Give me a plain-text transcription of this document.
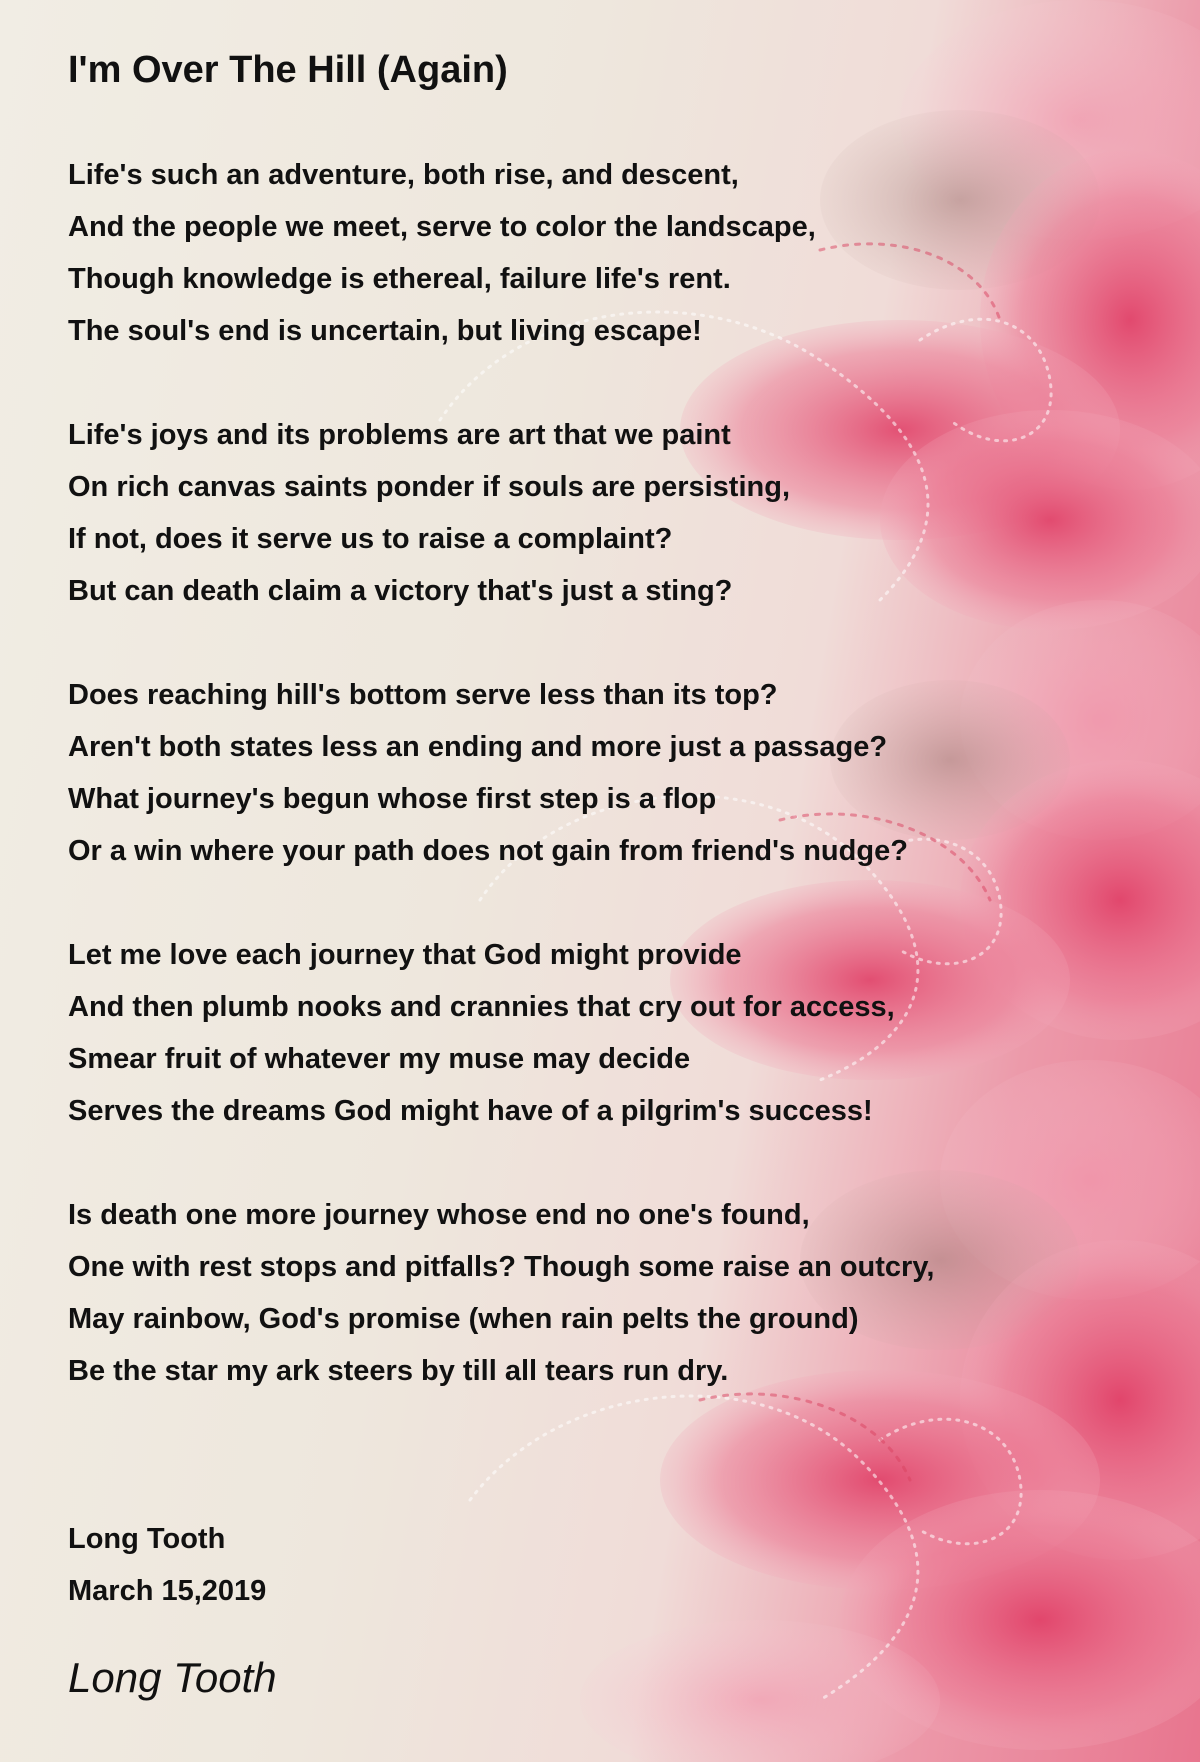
I'm Over The Hill (Again)
Life's such an adventure, both rise, and descent,
And the people we meet, serve to color the landscape,
Though knowledge is ethereal, failure life's rent.
The soul's end is uncertain, but living escape!
Life's joys and its problems are art that we paint
On rich canvas saints ponder if souls are persisting,
If not, does it serve us to raise a complaint?
But can death claim a victory that's just a sting?
Does reaching hill's bottom serve less than its top?
Aren't both states less an ending and more just a passage?
What journey's begun whose first step is a flop
Or a win where your path does not gain from friend's nudge?
Let me love each journey that God might provide
And then plumb nooks and crannies that cry out for access,
Smear fruit of whatever my muse may decide
Serves the dreams God might have of a pilgrim's success!
Is death one more journey whose end no one's found,
One with rest stops and pitfalls? Though some raise an outcry,
May rainbow, God's promise (when rain pelts the ground)
Be the star my ark steers by till all tears run dry.
Long Tooth
March 15,2019
Long Tooth
